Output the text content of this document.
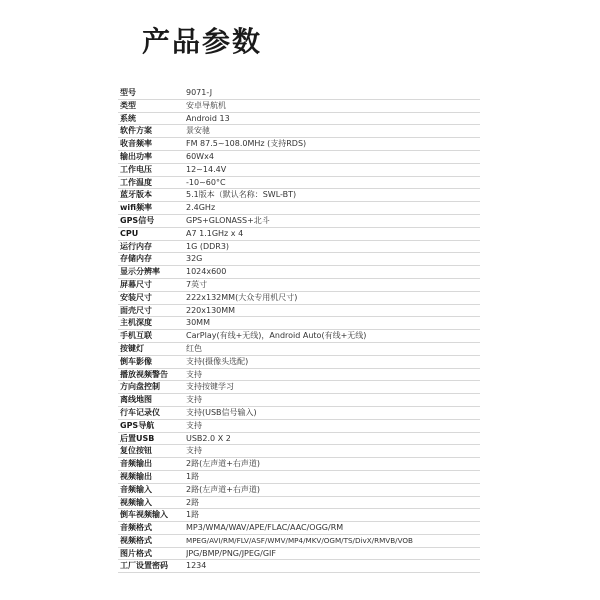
产品参数
型号	9071-J
类型	安卓导航机
系统	Android 13
软件方案	景安驰
收音频率	FM 87.5~108.0MHz (支持RDS)
输出功率	60Wx4
工作电压	12~14.4V
工作温度	-10~60°C
蓝牙版本	5.1版本（默认名称：SWL-BT)
wifi频率	2.4GHz
GPS信号	GPS+GLONASS+北斗
CPU	A7 1.1GHz x 4
运行内存	1G (DDR3)
存储内存	32G
显示分辨率	1024x600
屏幕尺寸	7英寸
安装尺寸	222x132MM(大众专用机尺寸)
面壳尺寸	220x130MM
主机深度	30MM
手机互联	CarPlay(有线+无线)，Android Auto(有线+无线)
按键灯	红色
倒车影像	支持(摄像头选配)
播放视频警告	支持
方向盘控制	支持按键学习
离线地图	支持
行车记录仪	支持(USB信号输入)
GPS导航	支持
后置USB	USB2.0 X 2
复位按钮	支持
音频输出	2路(左声道+右声道)
视频输出	1路
音频输入	2路(左声道+右声道)
视频输入	2路
倒车视频输入	1路
音频格式	MP3/WMA/WAV/APE/FLAC/AAC/OGG/RM
视频格式	MPEG/AVI/RM/FLV/ASF/WMV/MP4/MKV/OGM/TS/DivX/RMVB/VOB
图片格式	JPG/BMP/PNG/JPEG/GIF
工厂设置密码	1234
